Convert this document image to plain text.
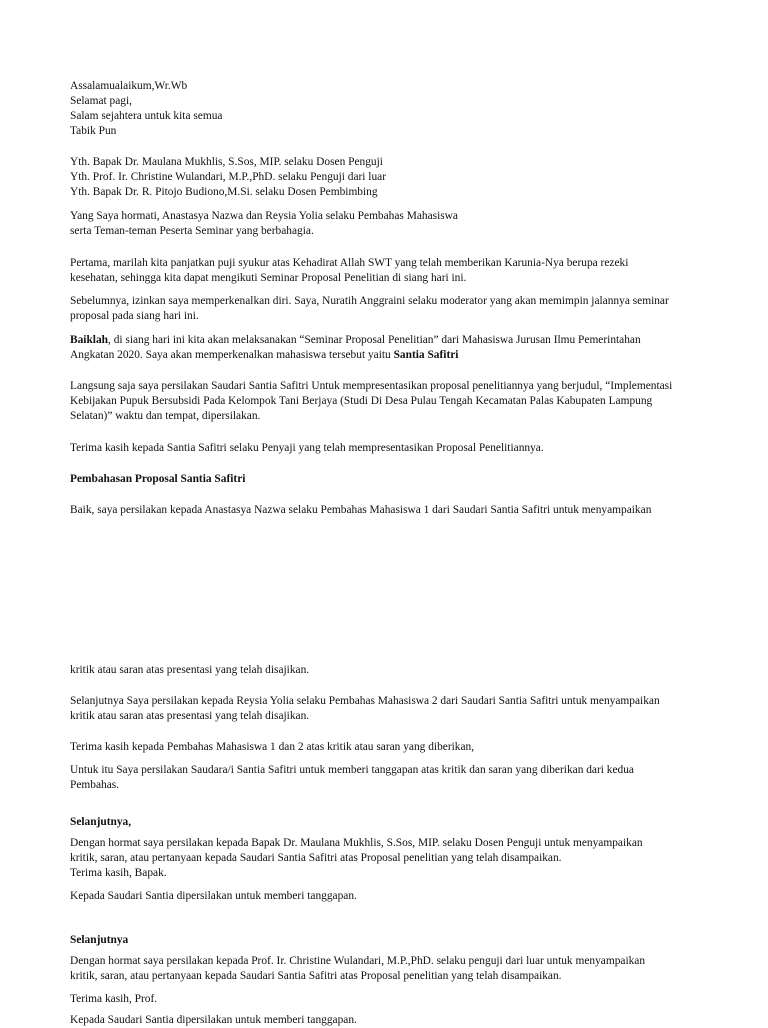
Assalamualaikum,Wr.Wb
Selamat pagi,
Salam sejahtera untuk kita semua
Tabik Pun

Yth. Bapak Dr. Maulana Mukhlis, S.Sos, MIP. selaku Dosen Penguji
Yth. Prof. Ir. Christine Wulandari, M.P.,PhD. selaku Penguji dari luar
Yth. Bapak Dr. R. Pitojo Budiono,M.Si. selaku Dosen Pembimbing

Yang Saya hormati, Anastasya Nazwa dan Reysia Yolia selaku Pembahas Mahasiswa
serta Teman-teman Peserta Seminar yang berbahagia.

Pertama, marilah kita panjatkan puji syukur atas Kehadirat Allah SWT yang telah memberikan Karunia-Nya berupa rezeki
kesehatan, sehingga kita dapat mengikuti Seminar Proposal Penelitian di siang hari ini.

Sebelumnya, izinkan saya memperkenalkan diri. Saya, Nuratih Anggraini selaku moderator yang akan memimpin jalannya seminar
proposal pada siang hari ini.

Baiklah, di siang hari ini kita akan melaksanakan “Seminar Proposal Penelitian” dari Mahasiswa Jurusan Ilmu Pemerintahan
Angkatan 2020. Saya akan memperkenalkan mahasiswa tersebut yaitu Santia Safitri

Langsung saja saya persilakan Saudari Santia Safitri Untuk mempresentasikan proposal penelitiannya yang berjudul, “Implementasi
Kebijakan Pupuk Bersubsidi Pada Kelompok Tani Berjaya (Studi Di Desa Pulau Tengah Kecamatan Palas Kabupaten Lampung
Selatan)” waktu dan tempat, dipersilakan.

Terima kasih kepada Santia Safitri selaku Penyaji yang telah mempresentasikan Proposal Penelitiannya.

Pembahasan Proposal Santia Safitri

Baik, saya persilakan kepada Anastasya Nazwa selaku Pembahas Mahasiswa 1 dari Saudari Santia Safitri untuk menyampaikan

kritik atau saran atas presentasi yang telah disajikan.

Selanjutnya Saya persilakan kepada Reysia Yolia selaku Pembahas Mahasiswa 2 dari Saudari Santia Safitri untuk menyampaikan
kritik atau saran atas presentasi yang telah disajikan.

Terima kasih kepada Pembahas Mahasiswa 1 dan 2 atas kritik atau saran yang diberikan,

Untuk itu Saya persilakan Saudara/i Santia Safitri untuk memberi tanggapan atas kritik dan saran yang diberikan dari kedua
Pembahas.

Selanjutnya,

Dengan hormat saya persilakan kepada Bapak Dr. Maulana Mukhlis, S.Sos, MIP. selaku Dosen Penguji untuk menyampaikan
kritik, saran, atau pertanyaan kepada Saudari Santia Safitri atas Proposal penelitian yang telah disampaikan.
Terima kasih, Bapak.

Kepada Saudari Santia dipersilakan untuk memberi tanggapan.

Selanjutnya

Dengan hormat saya persilakan kepada Prof. Ir. Christine Wulandari, M.P.,PhD. selaku penguji dari luar untuk menyampaikan
kritik, saran, atau pertanyaan kepada Saudari Santia Safitri atas Proposal penelitian yang telah disampaikan.

Terima kasih, Prof.

Kepada Saudari Santia dipersilakan untuk memberi tanggapan.
